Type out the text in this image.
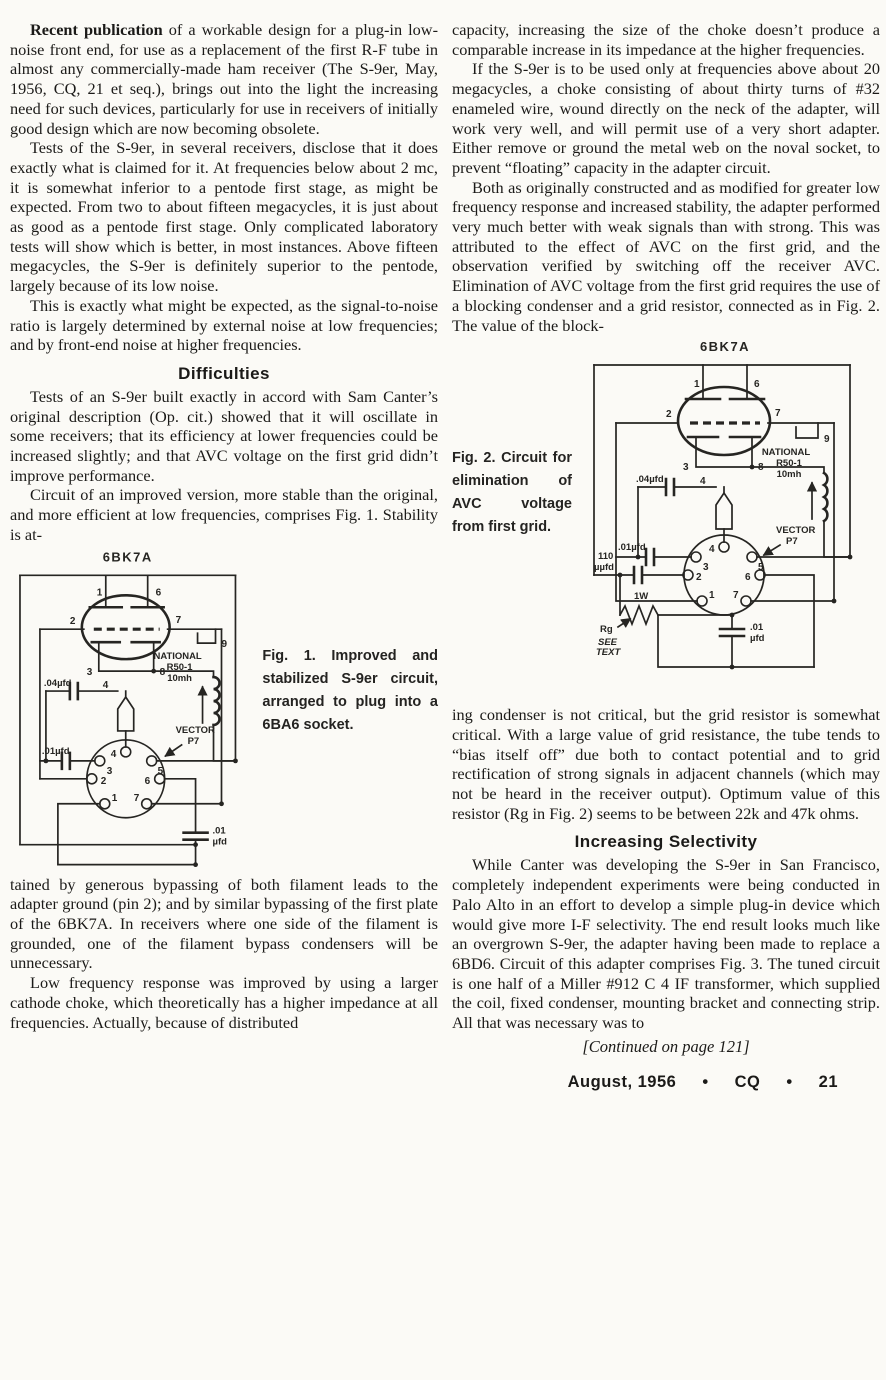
Recent publication of a workable design for a plug-in low-noise front end, for use as a replacement of the first R-F tube in almost any commercially-made ham receiver (The S-9er, May, 1956, CQ, 21 et seq.), brings out into the light the increasing need for such devices, particularly for use in receivers of initially good design which are now becoming obsolete.

Tests of the S-9er, in several receivers, disclose that it does exactly what is claimed for it. At frequencies below about 2 mc, it is somewhat inferior to a pentode first stage, as might be expected. From two to about fifteen megacycles, it is just about as good as a pentode first stage. Only complicated laboratory tests will show which is better, in most instances. Above fifteen megacycles, the S-9er is definitely superior to the pentode, largely because of its low noise.

This is exactly what might be expected, as the signal-to-noise ratio is largely determined by external noise at low frequencies; and by front-end noise at higher frequencies.

Difficulties

Tests of an S-9er built exactly in accord with Sam Canter’s original description (Op. cit.) showed that it will oscillate in some receivers; that its efficiency at lower frequencies could be increased slightly; and that AVC voltage on the first grid didn’t improve performance.

Circuit of an improved version, more stable than the original, and more efficient at low frequencies, comprises Fig. 1. Stability is at-

6BK7A
1	6
2	7
9
3	8
NATIONAL
R50-1
10mh
.04µfd	4
.01µfd
VECTOR
P7
4
3	5
2	6
1 7
.01
µfd
Fig. 1. Improved and stabilized S-9er circuit, arranged to plug into a 6BA6 socket.

tained by generous bypassing of both filament leads to the adapter ground (pin 2); and by similar bypassing of the first plate of the 6BK7A. In receivers where one side of the filament is grounded, one of the filament bypass condensers will be unnecessary.

Low frequency response was improved by using a larger cathode choke, which theoretically has a higher impedance at all frequencies. Actually, because of distributed

capacity, increasing the size of the choke doesn’t produce a comparable increase in its impedance at the higher frequencies.

If the S-9er is to be used only at frequencies above about 20 megacycles, a choke consisting of about thirty turns of #32 enameled wire, wound directly on the neck of the adapter, will work very well, and will permit use of a very short adapter. Either remove or ground the metal web on the noval socket, to prevent “floating” capacity in the adapter circuit.

Both as originally constructed and as modified for greater low frequency response and increased stability, the adapter performed very much better with weak signals than with strong. This was attributed to the effect of AVC on the first grid, and the observation verified by switching off the receiver AVC. Elimination of AVC voltage from the first grid requires the use of a blocking condenser and a grid resistor, connected as in Fig. 2. The value of the block-

Fig. 2. Circuit for elimination of AVC voltage from first grid.
6BK7A
1	6
2	7
9
3	8
NATIONAL
R50-1
10mh
.04µfd	4
.01µfd
110
µµfd
VECTOR
P7
4
3	5
2	6
1 7
1W
Rg
SEE
TEXT
.01
µfd

ing condenser is not critical, but the grid resistor is somewhat critical. With a large value of grid resistance, the tube tends to “bias itself off” due both to contact potential and to grid rectification of strong signals in adjacent channels (which may not be heard in the receiver output). Optimum value of this resistor (Rg in Fig. 2) seems to be between 22k and 47k ohms.

Increasing Selectivity

While Canter was developing the S-9er in San Francisco, completely independent experiments were being conducted in Palo Alto in an effort to develop a simple plug-in device which would give more I-F selectivity. The end result looks much like an overgrown S-9er, the adapter having been made to replace a 6BD6. Circuit of this adapter comprises Fig. 3. The tuned circuit is one half of a Miller #912 C 4 IF transformer, which supplied the coil, fixed condenser, mounting bracket and connecting strip. All that was necessary was to

[Continued on page 121]

August, 1956 • CQ • 21
